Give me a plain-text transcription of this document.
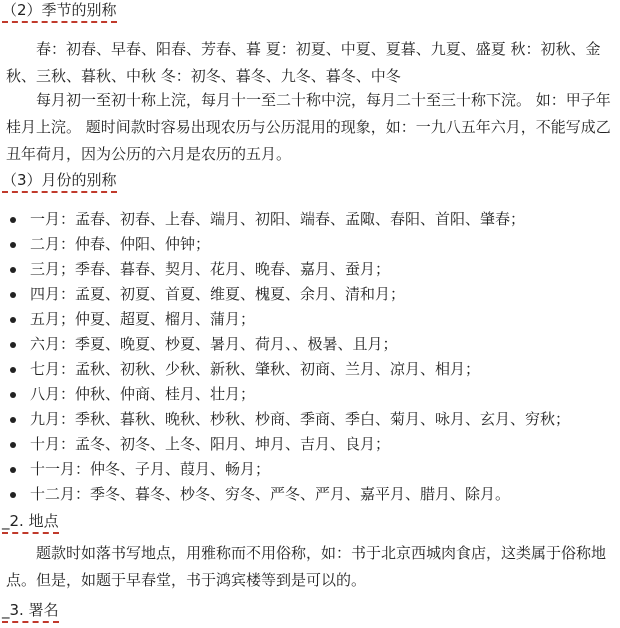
（2）季节的别称
春：初春、早春、阳春、芳春、暮 夏：初夏、中夏、夏暮、九夏、盛夏 秋：初秋、金秋、三秋、暮秋、中秋 冬：初冬、暮冬、九冬、暮冬、中冬
每月初一至初十称上浣，每月十一至二十称中浣，每月二十至三十称下浣。 如：甲子年桂月上浣。 题时间款时容易出现农历与公历混用的现象，如：一九八五年六月，不能写成乙丑年荷月，因为公历的六月是农历的五月。
（3）月份的别称
一月：孟春、初春、上春、端月、初阳、端春、孟陬、春阳、首阳、肇春；
二月：仲春、仲阳、仲钟；
三月；季春、暮春、契月、花月、晚春、嘉月、蚕月；
四月：孟夏、初夏、首夏、维夏、槐夏、余月、清和月；
五月；仲夏、超夏、榴月、蒲月；
六月：季夏、晚夏、杪夏、暑月、荷月、、极暑、且月；
七月：孟秋、初秋、少秋、新秋、肇秋、初商、兰月、凉月、相月；
八月：仲秋、仲商、桂月、壮月；
九月：季秋、暮秋、晚秋、杪秋、杪商、季商、季白、菊月、咏月、玄月、穷秋；
十月：孟冬、初冬、上冬、阳月、坤月、吉月、良月；
十一月：仲冬、子月、葭月、畅月；
十二月：季冬、暮冬、杪冬、穷冬、严冬、严月、嘉平月、腊月、除月。
_2. 地点
题款时如落书写地点，用雅称而不用俗称，如：书于北京西城肉食店，这类属于俗称地点。但是，如题于早春堂，书于鸿宾楼等到是可以的。
_3. 署名
